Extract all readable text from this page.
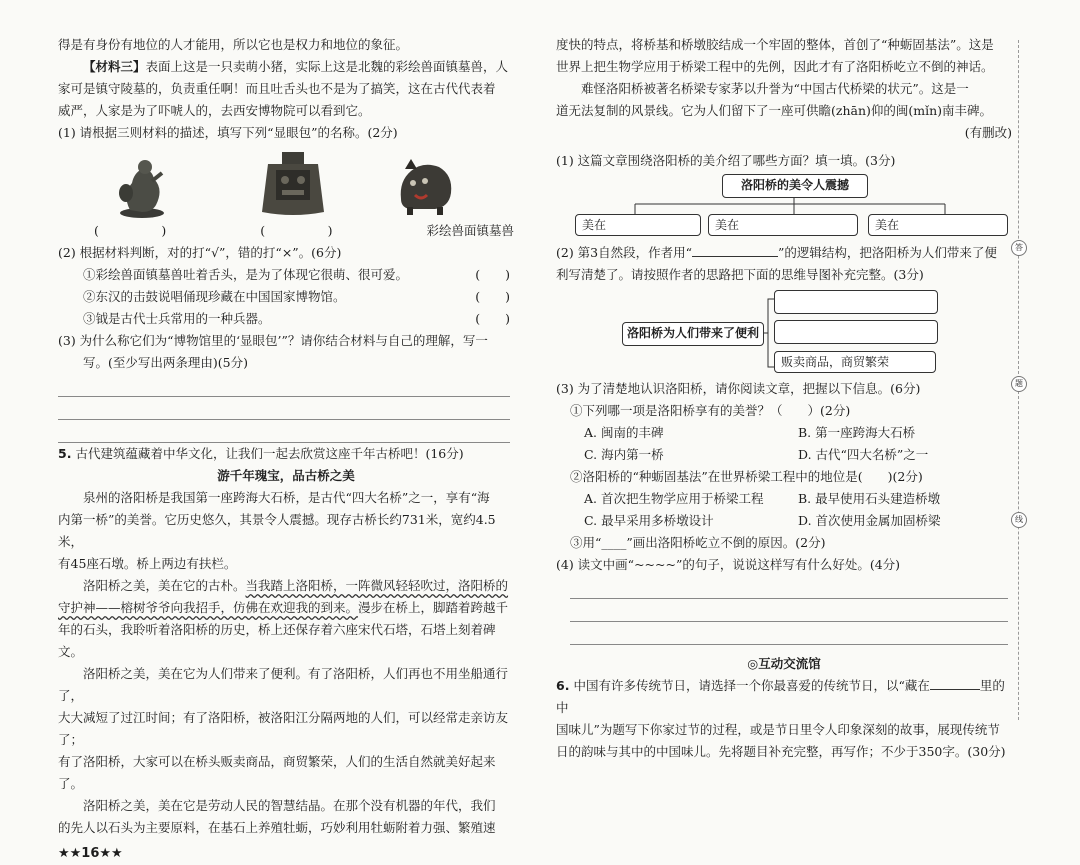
得是有身份有地位的人才能用，所以它也是权力和地位的象征。

【材料三】表面上这是一只卖萌小猪，实际上这是北魏的彩绘兽面镇墓兽，人

家可是镇守陵墓的，负责重任啊！而且吐舌头也不是为了搞笑，这在古代代表着

威严，人家是为了吓唬人的，去西安博物院可以看到它。

(1) 请根据三则材料的描述，填写下列“显眼包”的名称。(2分)

(　　　　　)	(　　　　　)	彩绘兽面镇墓兽

(2) 根据材料判断，对的打“√”，错的打“×”。(6分)

①彩绘兽面镇墓兽吐着舌头，是为了体现它很萌、很可爱。	(　　)
②东汉的击鼓说唱俑现珍藏在中国国家博物馆。	(　　)
③钺是古代士兵常用的一种兵器。	(　　)

(3) 为什么称它们为“博物馆里的‘显眼包’”？请你结合材料与自己的理解，写一

写。(至少写出两条理由)(5分)

5. 古代建筑蕴藏着中华文化，让我们一起去欣赏这座千年古桥吧！(16分)

游千年瑰宝，品古桥之美

泉州的洛阳桥是我国第一座跨海大石桥，是古代“四大名桥”之一，享有“海

内第一桥”的美誉。它历史悠久，其景令人震撼。现存古桥长约731米，宽约4.5米，

有45座石墩。桥上两边有扶栏。

洛阳桥之美，美在它的古朴。当我踏上洛阳桥，一阵微风轻轻吹过，洛阳桥的

守护神——榕树爷爷向我招手，仿佛在欢迎我的到来。漫步在桥上，脚踏着跨越千

年的石头，我聆听着洛阳桥的历史，桥上还保存着六座宋代石塔，石塔上刻着碑文。

洛阳桥之美，美在它为人们带来了便利。有了洛阳桥，人们再也不用坐船通行了，

大大减短了过江时间；有了洛阳桥，被洛阳江分隔两地的人们，可以经常走亲访友了；

有了洛阳桥，大家可以在桥头贩卖商品，商贸繁荣，人们的生活自然就美好起来了。

洛阳桥之美，美在它是劳动人民的智慧结晶。在那个没有机器的年代，我们

的先人以石头为主要原料，在基石上养殖牡蛎，巧妙利用牡蛎附着力强、繁殖速

★★16★★

度快的特点，将桥基和桥墩胶结成一个牢固的整体，首创了“种蛎固基法”。这是

世界上把生物学应用于桥梁工程中的先例，因此才有了洛阳桥屹立不倒的神话。

难怪洛阳桥被著名桥梁专家茅以升誉为“中国古代桥梁的状元”。这是一

道无法复制的风景线。它为人们留下了一座可供瞻(zhān)仰的闽(mǐn)南丰碑。

(有删改)

(1) 这篇文章围绕洛阳桥的美介绍了哪些方面？填一填。(3分)

洛阳桥的美令人震撼
美在	美在	美在

(2) 第3自然段，作者用“	”的逻辑结构，把洛阳桥为人们带来了便

利写清楚了。请按照作者的思路把下面的思维导图补充完整。(3分)

洛阳桥为人们带来了便利
贩卖商品，商贸繁荣

(3) 为了清楚地认识洛阳桥，请你阅读文章，把握以下信息。(6分)

①下列哪一项是洛阳桥享有的美誉？（　　）(2分)

A. 闽南的丰碑	B. 第一座跨海大石桥
C. 海内第一桥	D. 古代“四大名桥”之一

②洛阳桥的“种蛎固基法”在世界桥梁工程中的地位是(　　)(2分)

A. 首次把生物学应用于桥梁工程	B. 最早使用石头建造桥墩
C. 最早采用多桥墩设计	D. 首次使用金属加固桥梁

③用“____”画出洛阳桥屹立不倒的原因。(2分)

(4) 读文中画“~~~~”的句子，说说这样写有什么好处。(4分)

◎互动交流馆

6. 中国有许多传统节日，请选择一个你最喜爱的传统节日，以“藏在	里的中

国味儿”为题写下你家过节的过程，或是节日里令人印象深刻的故事，展现传统节

日的韵味与其中的中国味儿。先将题目补充完整，再写作；不少于350字。(30分)

答
题
线
